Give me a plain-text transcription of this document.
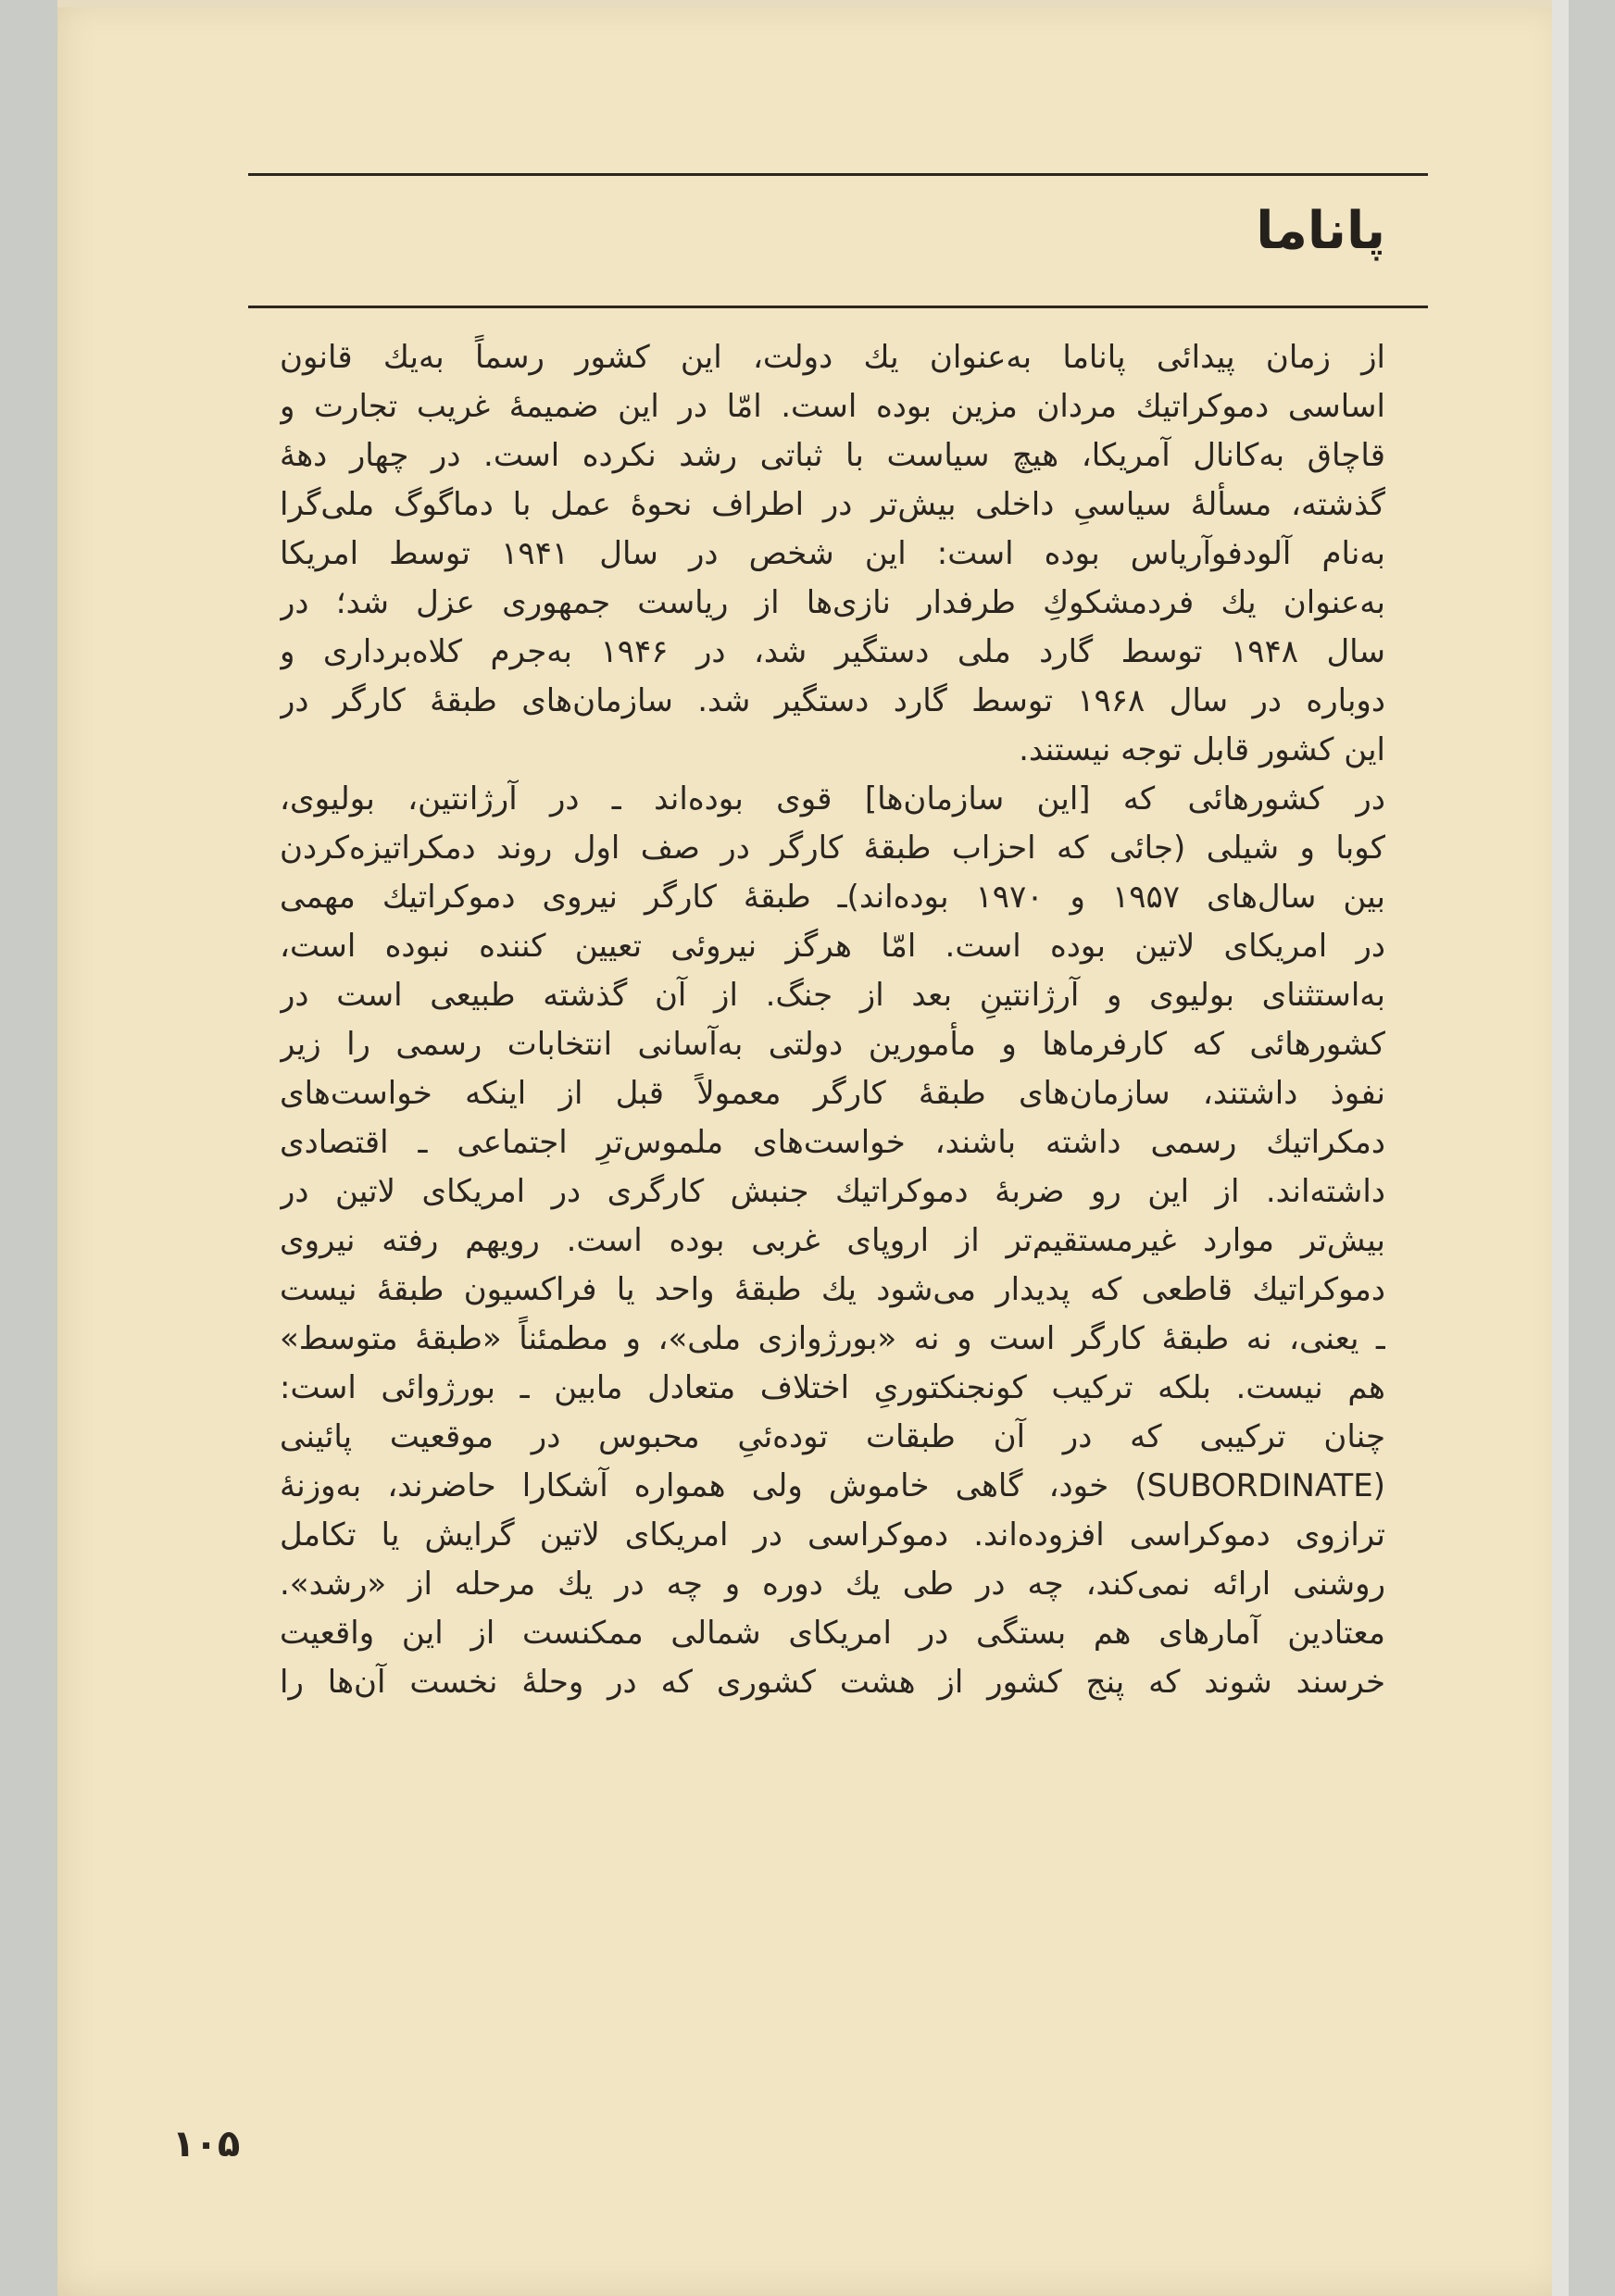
پاناما
از زمان پیدائی پاناما به‌عنوان یك دولت، این كشور رسماً به‌یك قانون
اساسی دموكراتیك مردان مزین بوده است. امّا در این ضمیمهٔ غریب تجارت و
قاچاق به‌كانال آمریكا، هیچ سیاست با ثباتی رشد نكرده است. در چهار دههٔ
گذشته، مسألهٔ سیاسیِ داخلی بیش‌تر در اطراف نحوهٔ عمل با دماگوگ ملی‌گرا
به‌نام آلودفوآریاس بوده است: این شخص در سال ۱۹۴۱ توسط امریكا
به‌عنوان یك فردمشكوكِ طرفدار نازی‌ها از ریاست جمهوری عزل شد؛ در
سال ۱۹۴۸ توسط گارد ملی دستگیر شد، در ۱۹۴۶ به‌جرم كلاه‌برداری و
دوباره در سال ۱۹۶۸ توسط گارد دستگیر شد. سازمان‌های طبقهٔ كارگر در
این كشور قابل توجه نیستند.
در كشورهائی كه [این سازمان‌ها] قوی بوده‌اند ـ در آرژانتین، بولیوی،
كوبا و شیلی (جائی كه احزاب طبقهٔ كارگر در صف اول روند دمكراتیزه‌كردن
بین سال‌های ۱۹۵۷ و ۱۹۷۰ بوده‌اند)ـ طبقهٔ كارگر نیروی دموكراتیك مهمی
در امریكای لاتین بوده است. امّا هرگز نیروئی تعیین كننده نبوده است،
به‌استثنای بولیوی و آرژانتینِ بعد از جنگ. از آن گذشته طبیعی است در
كشورهائی كه كارفرماها و مأمورین دولتی به‌آسانی انتخابات رسمی را زیر
نفوذ داشتند، سازمان‌های طبقهٔ كارگر معمولاً قبل از اینكه خواست‌های
دمكراتیك رسمی داشته باشند، خواست‌های ملموس‌ترِ اجتماعی ـ اقتصادی
داشته‌اند. از این رو ضربهٔ دموكراتیك جنبش كارگری در امریكای لاتین در
بیش‌تر موارد غیرمستقیم‌تر از اروپای غربی بوده است. رویهم رفته نیروی
دموكراتیك قاطعی كه پدیدار می‌شود یك طبقهٔ واحد یا فراكسیون طبقهٔ نیست
ـ یعنی، نه طبقهٔ كارگر است و نه «بورژوازی ملی»، و مطمئناً «طبقهٔ متوسط»
هم نیست. بلكه تركیب كونجنكتوریِ اختلاف متعادل مابین ـ بورژوائی است:
چنان تركیبی كه در آن طبقات توده‌ئیِ محبوس در موقعیت پائینی
(SUBORDINATE) خود، گاهی خاموش ولی همواره آشكارا حاضرند، به‌وزنهٔ
ترازوی دموكراسی افزوده‌اند. دموكراسی در امریكای لاتین گرایش یا تكامل
روشنی ارائه نمی‌كند، چه در طی یك دوره و چه در یك مرحله از «رشد».
معتادین آمارهای هم بستگی در امریكای شمالی ممكنست از این واقعیت
خرسند شوند كه پنج كشور از هشت كشوری كه در وحلهٔ نخست آن‌ها را
۱۰۵
